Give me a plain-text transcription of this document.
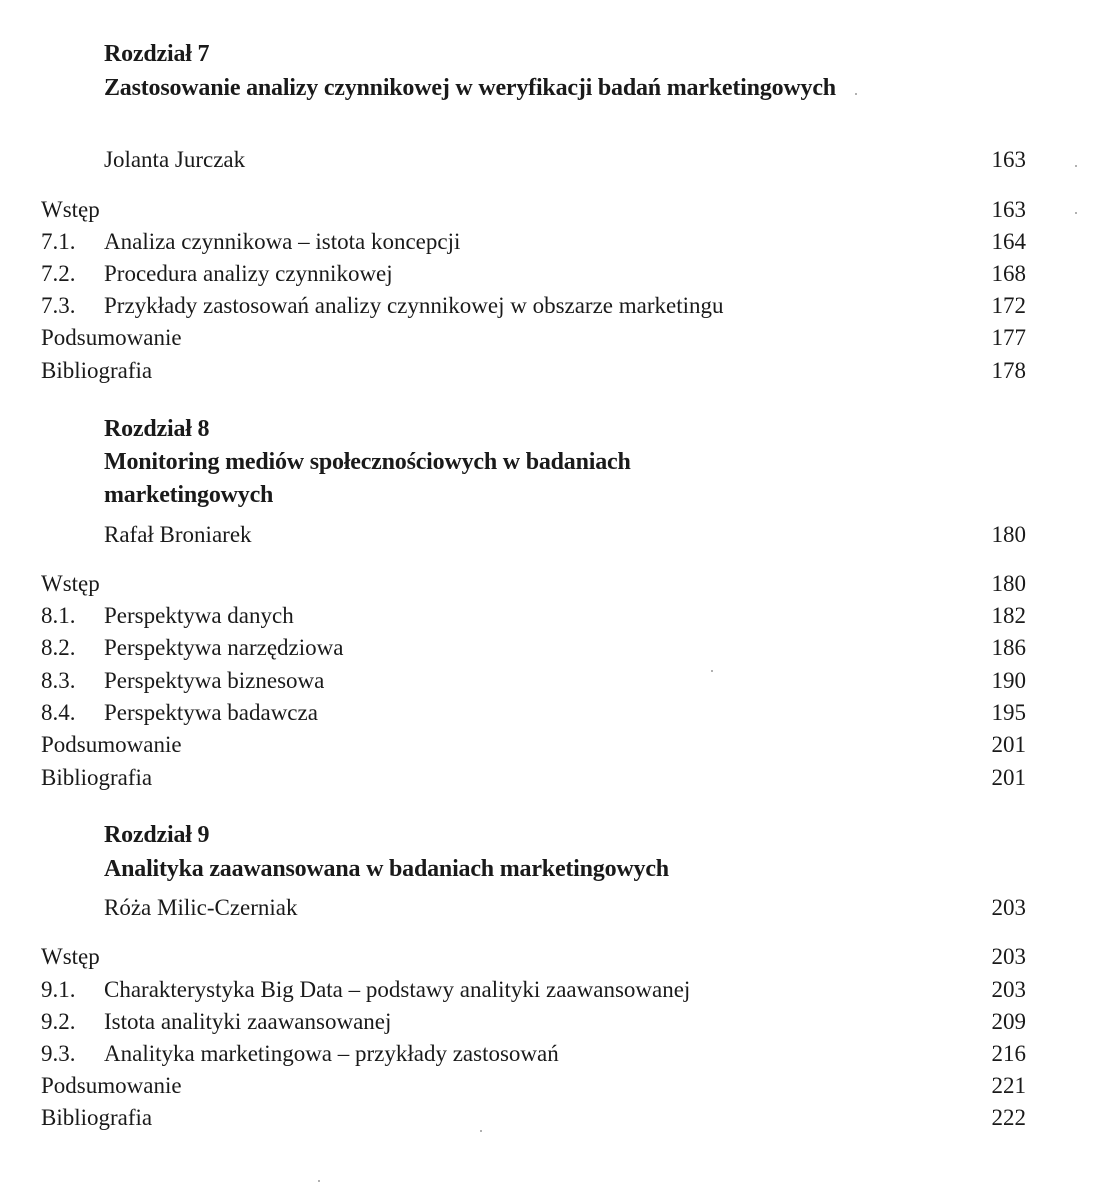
Rozdział 7
Zastosowanie analizy czynnikowej w weryfikacji badań marketingowych
Jolanta Jurczak	163
Wstęp	163
7.1. Analiza czynnikowa – istota koncepcji	164
7.2. Procedura analizy czynnikowej	168
7.3. Przykłady zastosowań analizy czynnikowej w obszarze marketingu	172
Podsumowanie	177
Bibliografia	178
Rozdział 8
Monitoring mediów społecznościowych w badaniach marketingowych
Rafał Broniarek	180
Wstęp	180
8.1. Perspektywa danych	182
8.2. Perspektywa narzędziowa	186
8.3. Perspektywa biznesowa	190
8.4. Perspektywa badawcza	195
Podsumowanie	201
Bibliografia	201
Rozdział 9
Analityka zaawansowana w badaniach marketingowych
Róża Milic-Czerniak	203
Wstęp	203
9.1. Charakterystyka Big Data – podstawy analityki zaawansowanej	203
9.2. Istota analityki zaawansowanej	209
9.3. Analityka marketingowa – przykłady zastosowań	216
Podsumowanie	221
Bibliografia	222
